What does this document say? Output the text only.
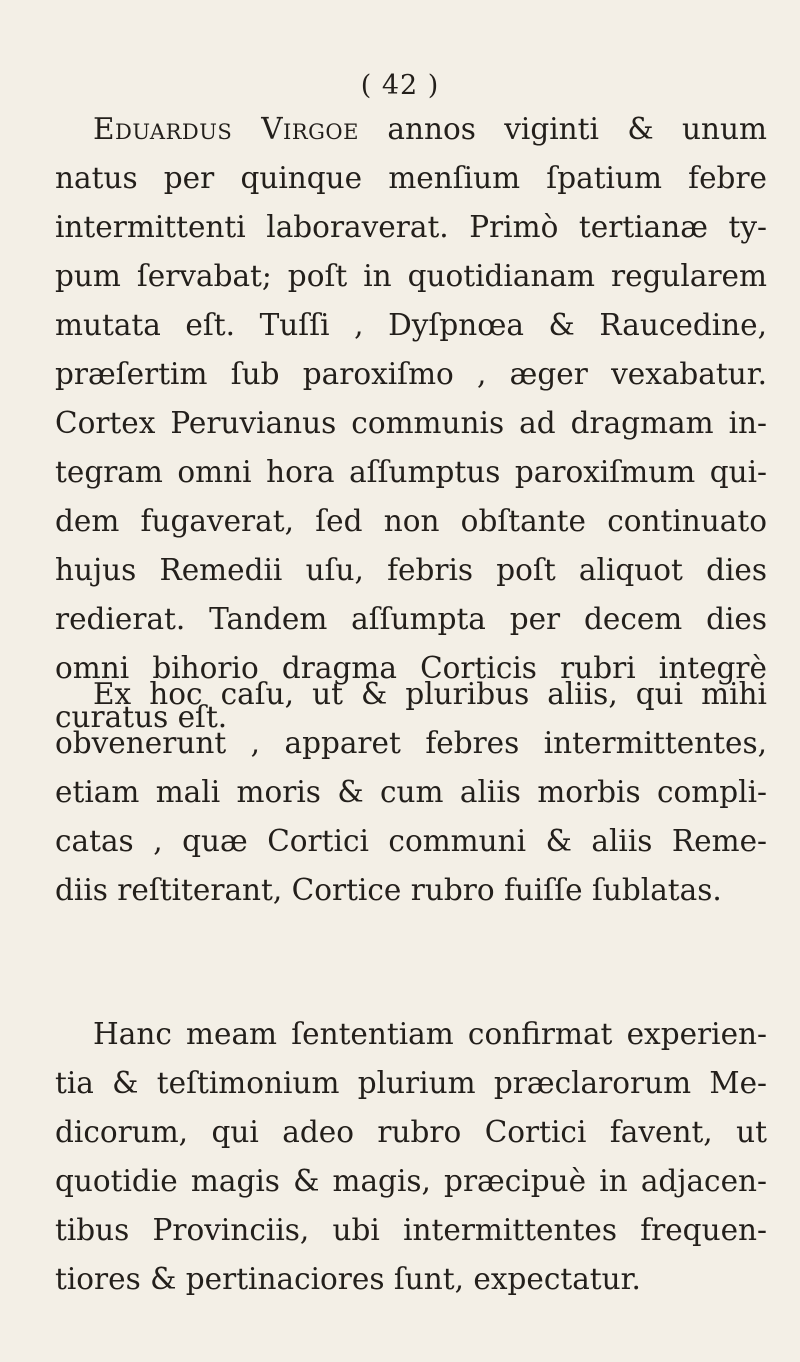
( 42 )
Eduardus Virgoe annos viginti & unum
natus per quinque menſium ſpatium febre
intermittenti laboraverat. Primò tertianæ ty-
pum ſervabat; poſt in quotidianam regularem
mutata eſt. Tuſſi , Dyſpnœa & Raucedine,
præſertim ſub paroxiſmo , æger vexabatur.
Cortex Peruvianus communis ad dragmam in-
tegram omni hora aſſumptus paroxiſmum qui-
dem fugaverat, ſed non obſtante continuato
hujus Remedii uſu, febris poſt aliquot dies
redierat. Tandem aſſumpta per decem dies
omni bihorio dragma Corticis rubri integrè
curatus eſt.
Ex hoc caſu, ut & pluribus aliis, qui mihi
obvenerunt , apparet febres intermittentes,
etiam mali moris & cum aliis morbis compli-
catas , quæ Cortici communi & aliis Reme-
diis reſtiterant, Cortice rubro fuiſſe ſublatas.
Hanc meam ſententiam confirmat experien-
tia & teſtimonium plurium præclarorum Me-
dicorum, qui adeo rubro Cortici favent, ut
quotidie magis & magis, præcipuè in adjacen-
tibus Provinciis, ubi intermittentes frequen-
tiores & pertinaciores ſunt, expectatur.
